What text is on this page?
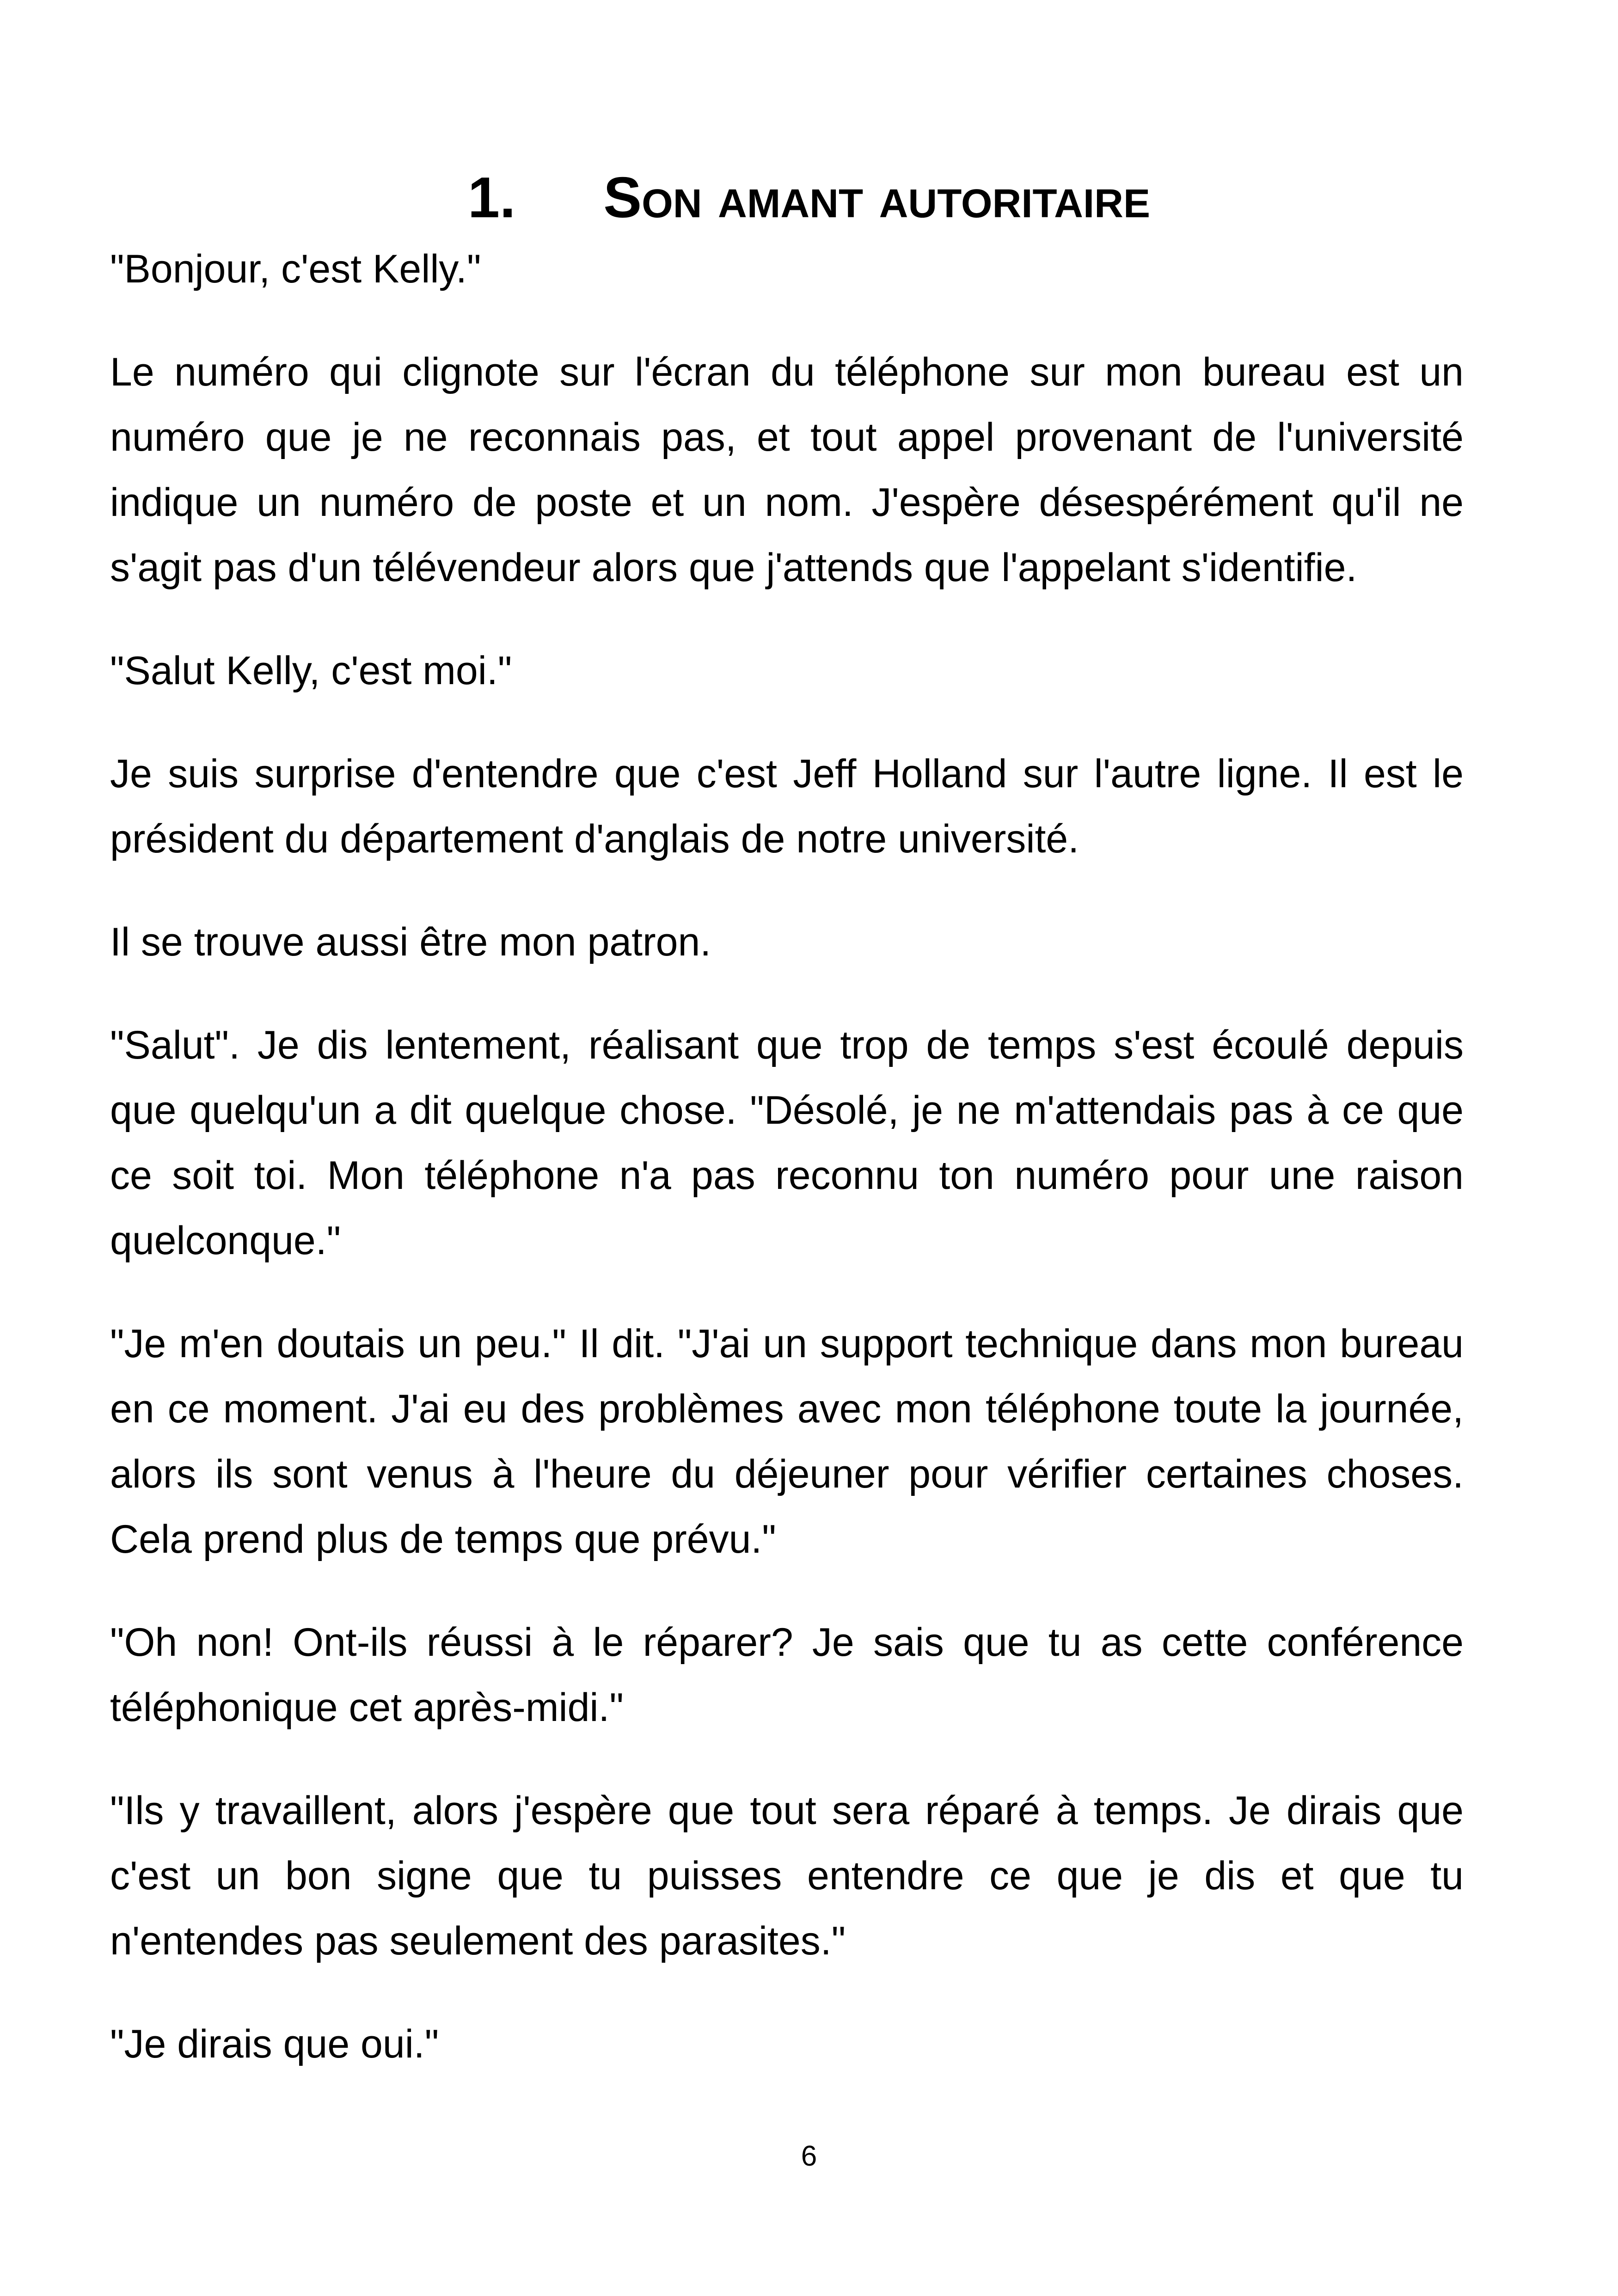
1. Son amant autoritaire

"Bonjour, c'est Kelly."

Le numéro qui clignote sur l'écran du téléphone sur mon bureau est un numéro que je ne reconnais pas, et tout appel provenant de l'université indique un numéro de poste et un nom. J'espère désespérément qu'il ne s'agit pas d'un télévendeur alors que j'attends que l'appelant s'identifie.

"Salut Kelly, c'est moi."

Je suis surprise d'entendre que c'est Jeff Holland sur l'autre ligne. Il est le président du département d'anglais de notre université.

Il se trouve aussi être mon patron.

"Salut". Je dis lentement, réalisant que trop de temps s'est écoulé depuis que quelqu'un a dit quelque chose. "Désolé, je ne m'attendais pas à ce que ce soit toi. Mon téléphone n'a pas reconnu ton numéro pour une raison quelconque."

"Je m'en doutais un peu." Il dit. "J'ai un support technique dans mon bureau en ce moment. J'ai eu des problèmes avec mon téléphone toute la journée, alors ils sont venus à l'heure du déjeuner pour vérifier certaines choses. Cela prend plus de temps que prévu."

"Oh non! Ont-ils réussi à le réparer? Je sais que tu as cette conférence téléphonique cet après-midi."

"Ils y travaillent, alors j'espère que tout sera réparé à temps. Je dirais que c'est un bon signe que tu puisses entendre ce que je dis et que tu n'entendes pas seulement des parasites."

"Je dirais que oui."

6
